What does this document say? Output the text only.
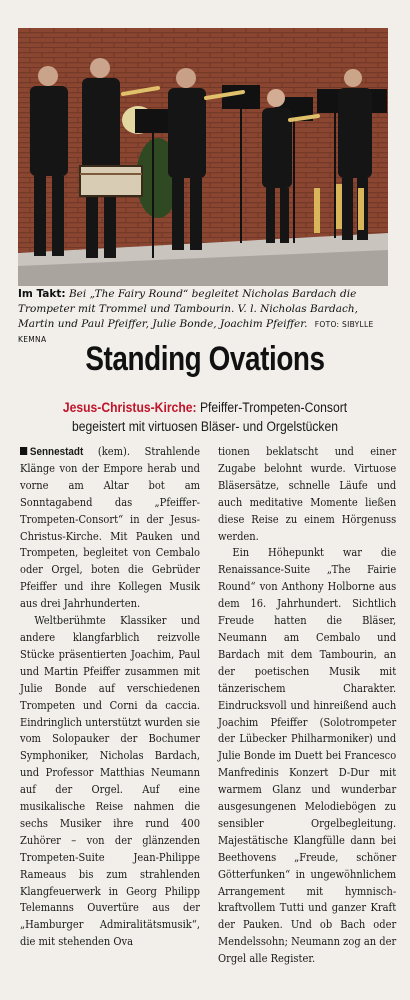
Im Takt: Bei „The Fairy Round“ begleitet Nicholas Bardach die Trompeter mit Trommel und Tambourin. V. l. Nicholas Bardach, Martin und Paul Pfeiffer, Julie Bonde, Joachim Pfeiffer. FOTO: SIBYLLE KEMNA
Standing Ovations
Jesus-Christus-Kirche: Pfeiffer-Trompeten-Consort begeistert mit virtuosen Bläser- und Orgelstücken

Sennestadt (kem). Strahlende Klänge von der Empore herab und vorne am Altar bot am Sonntagabend das „Pfeiffer-Trompeten-Consort“ in der Jesus-Christus-Kirche. Mit Pauken und Trompeten, begleitet von Cembalo oder Orgel, boten die Gebrüder Pfeiffer und ihre Kollegen Musik aus drei Jahrhunderten.

Weltberühmte Klassiker und andere klangfarblich reizvolle Stücke präsentierten Joachim, Paul und Martin Pfeiffer zusammen mit Julie Bonde auf verschiedenen Trompeten und Corni da caccia. Eindringlich unterstützt wurden sie vom Solopauker der Bochumer Symphoniker, Nicholas Bardach, und Professor Matthias Neumann auf der Orgel. Auf eine musikalische Reise nahmen die sechs Musiker ihre rund 400 Zuhörer – von der glänzenden Trompeten-Suite Jean-Philippe Rameaus bis zum strahlenden Klangfeuerwerk in Georg Philipp Telemanns Ouvertüre aus der „Hamburger Admiralitätsmusik“, die mit stehenden Ova

tionen beklatscht und einer Zugabe belohnt wurde. Virtuose Bläsersätze, schnelle Läufe und auch meditative Momente ließen diese Reise zu einem Hörgenuss werden.

Ein Höhepunkt war die Renaissance-Suite „The Fairie Round“ von Anthony Holborne aus dem 16. Jahrhundert. Sichtlich Freude hatten die Bläser, Neumann am Cembalo und Bardach mit dem Tambourin, an der poetischen Musik mit tänzerischem Charakter. Eindrucksvoll und hinreißend auch Joachim Pfeiffer (Solotrompeter der Lübecker Philharmoniker) und Julie Bonde im Duett bei Francesco Manfredinis Konzert D-Dur mit warmem Glanz und wunderbar ausgesungenen Melodiebögen zu sensibler Orgelbegleitung. Majestätische Klangfülle dann bei Beethovens „Freude, schöner Götterfunken“ in ungewöhnlichem Arrangement mit hymnisch-kraftvollem Tutti und ganzer Kraft der Pauken. Und ob Bach oder Mendelssohn; Neumann zog an der Orgel alle Register.
